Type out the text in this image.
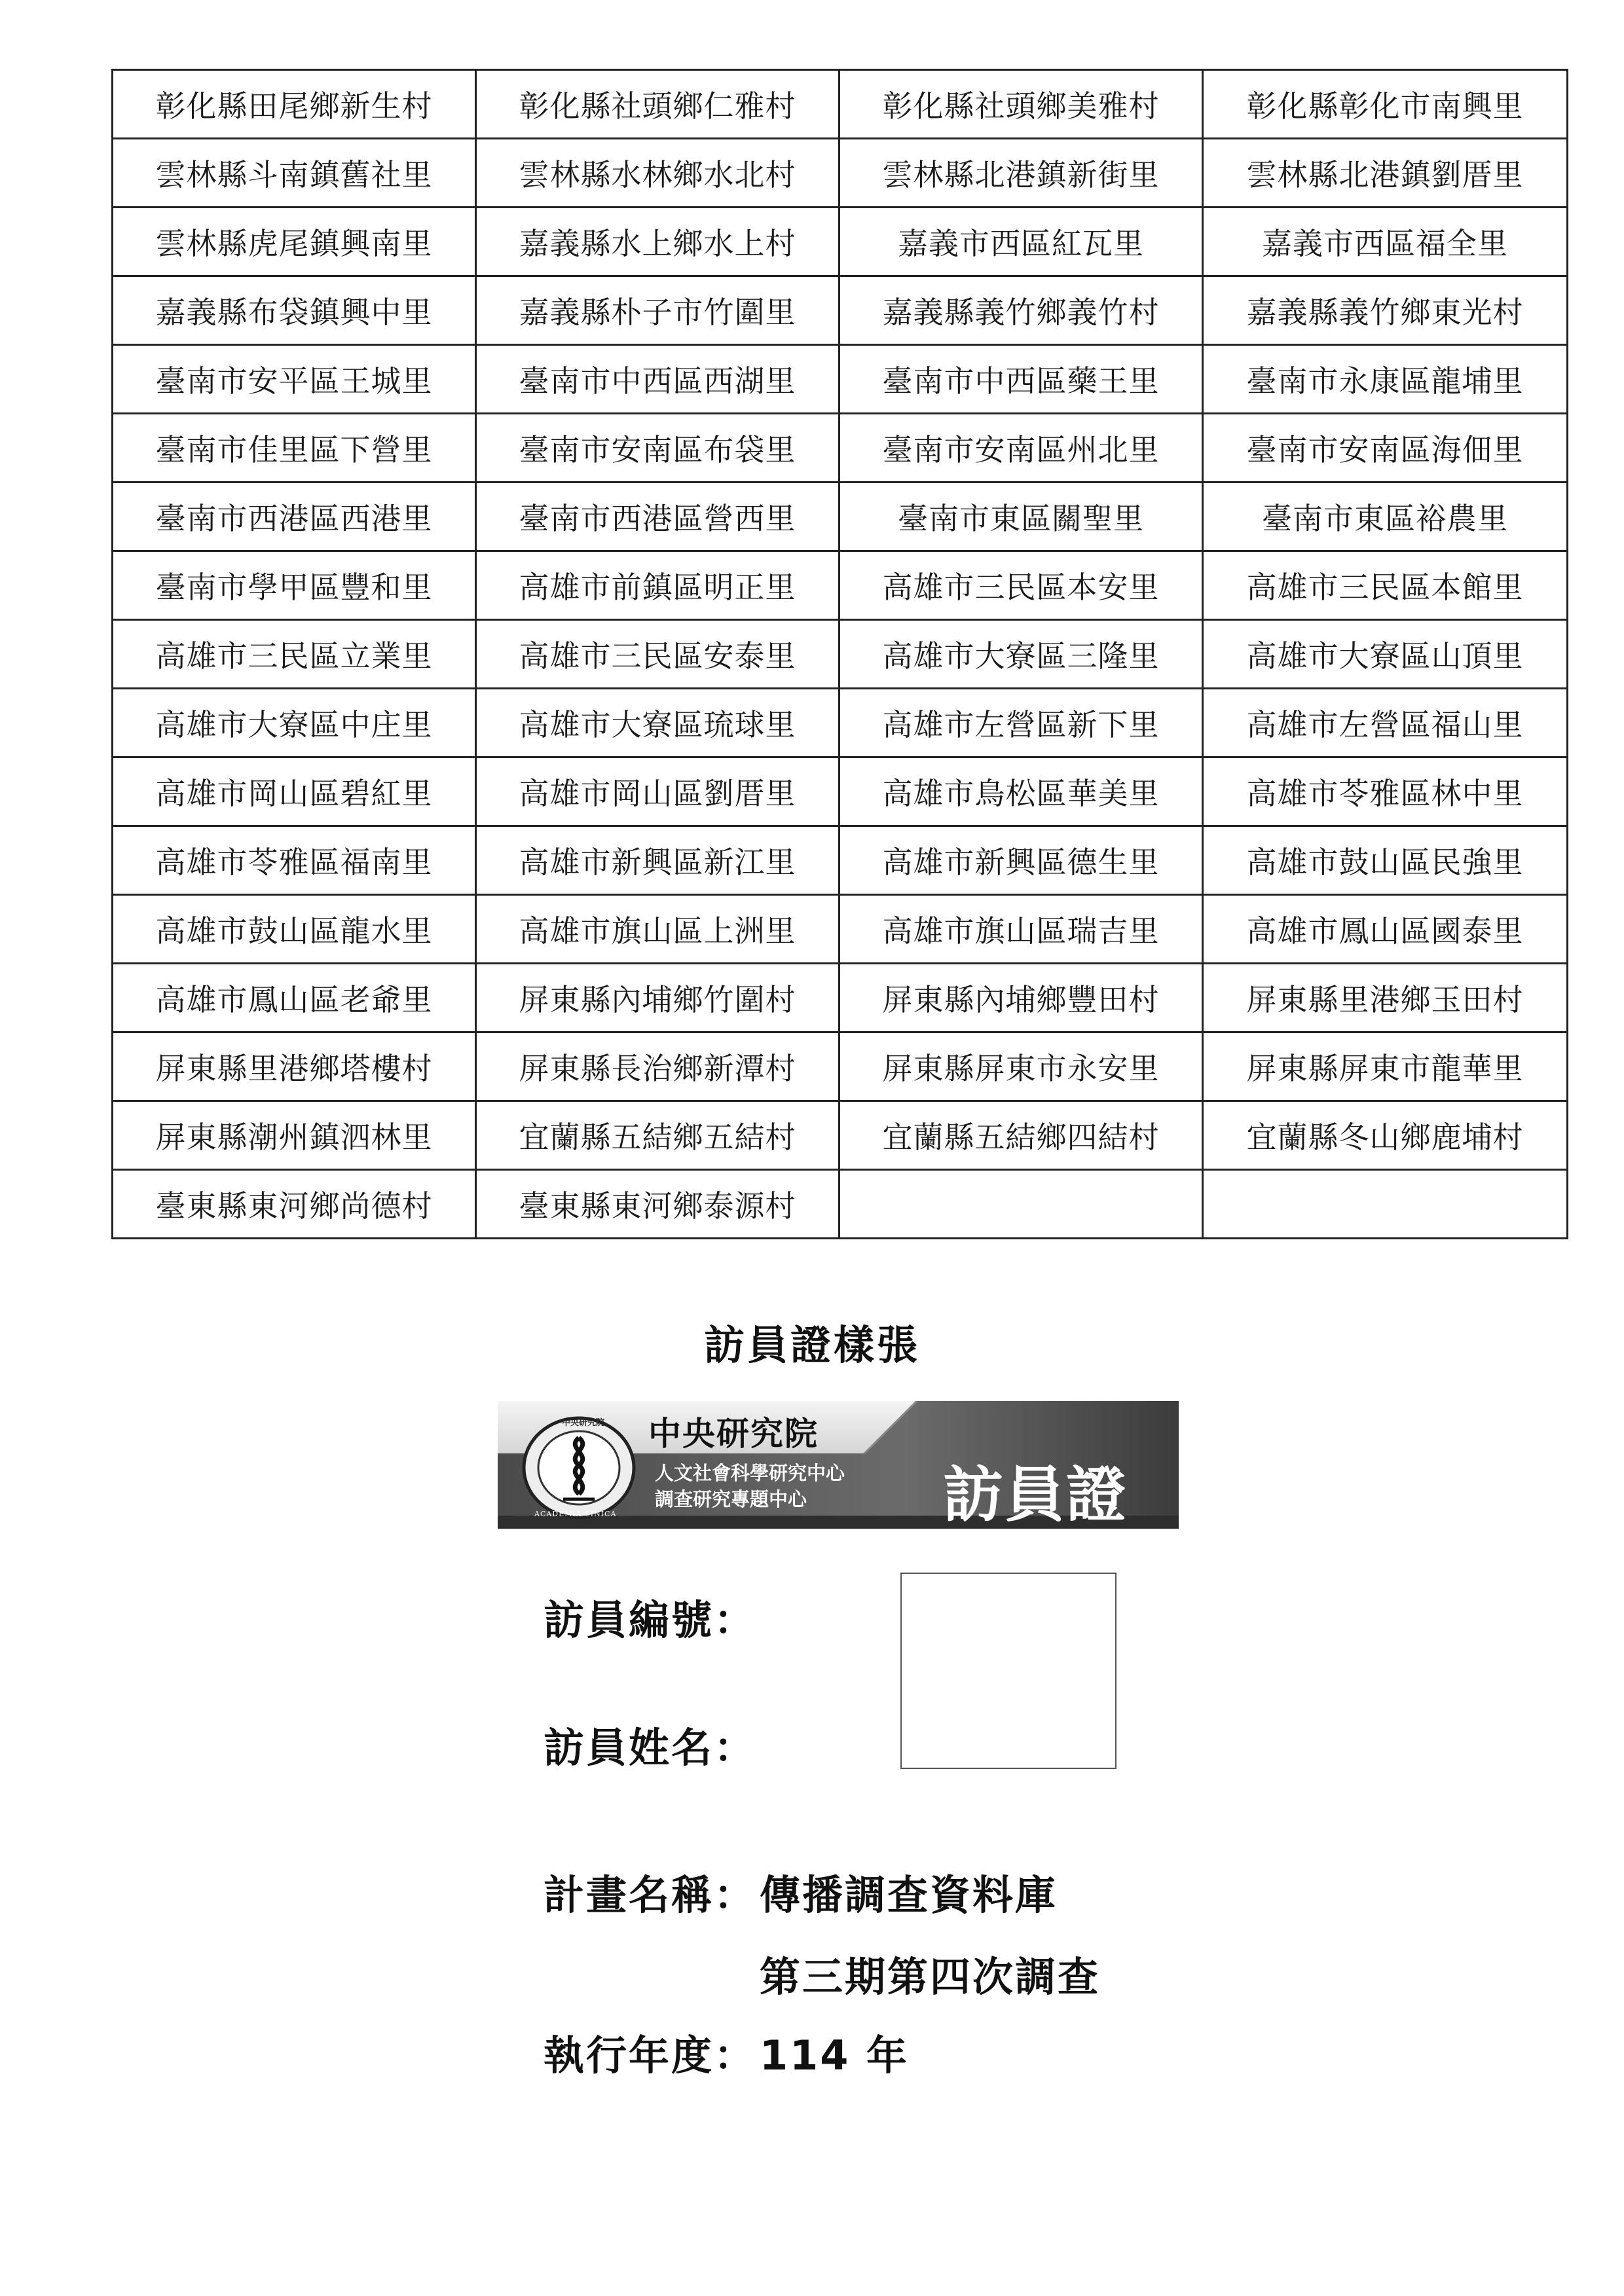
彰化縣田尾鄉新生村	彰化縣社頭鄉仁雅村	彰化縣社頭鄉美雅村	彰化縣彰化市南興里
雲林縣斗南鎮舊社里	雲林縣水林鄉水北村	雲林縣北港鎮新街里	雲林縣北港鎮劉厝里
雲林縣虎尾鎮興南里	嘉義縣水上鄉水上村	嘉義市西區紅瓦里	嘉義市西區福全里
嘉義縣布袋鎮興中里	嘉義縣朴子市竹圍里	嘉義縣義竹鄉義竹村	嘉義縣義竹鄉東光村
臺南市安平區王城里	臺南市中西區西湖里	臺南市中西區藥王里	臺南市永康區龍埔里
臺南市佳里區下營里	臺南市安南區布袋里	臺南市安南區州北里	臺南市安南區海佃里
臺南市西港區西港里	臺南市西港區營西里	臺南市東區關聖里	臺南市東區裕農里
臺南市學甲區豐和里	高雄市前鎮區明正里	高雄市三民區本安里	高雄市三民區本館里
高雄市三民區立業里	高雄市三民區安泰里	高雄市大寮區三隆里	高雄市大寮區山頂里
高雄市大寮區中庄里	高雄市大寮區琉球里	高雄市左營區新下里	高雄市左營區福山里
高雄市岡山區碧紅里	高雄市岡山區劉厝里	高雄市鳥松區華美里	高雄市苓雅區林中里
高雄市苓雅區福南里	高雄市新興區新江里	高雄市新興區德生里	高雄市鼓山區民強里
高雄市鼓山區龍水里	高雄市旗山區上洲里	高雄市旗山區瑞吉里	高雄市鳳山區國泰里
高雄市鳳山區老爺里	屏東縣內埔鄉竹圍村	屏東縣內埔鄉豐田村	屏東縣里港鄉玉田村
屏東縣里港鄉塔樓村	屏東縣長治鄉新潭村	屏東縣屏東市永安里	屏東縣屏東市龍華里
屏東縣潮州鎮泗林里	宜蘭縣五結鄉五結村	宜蘭縣五結鄉四結村	宜蘭縣冬山鄉鹿埔村
臺東縣東河鄉尚德村	臺東縣東河鄉泰源村		
訪員證樣張
中央研究院
ACADEMIA SINICA
中央研究院
人文社會科學研究中心
調查研究專題中心 訪員證
訪員編號：
訪員姓名：
計畫名稱： 傳播調查資料庫
第三期第四次調查
執行年度： 114 年
